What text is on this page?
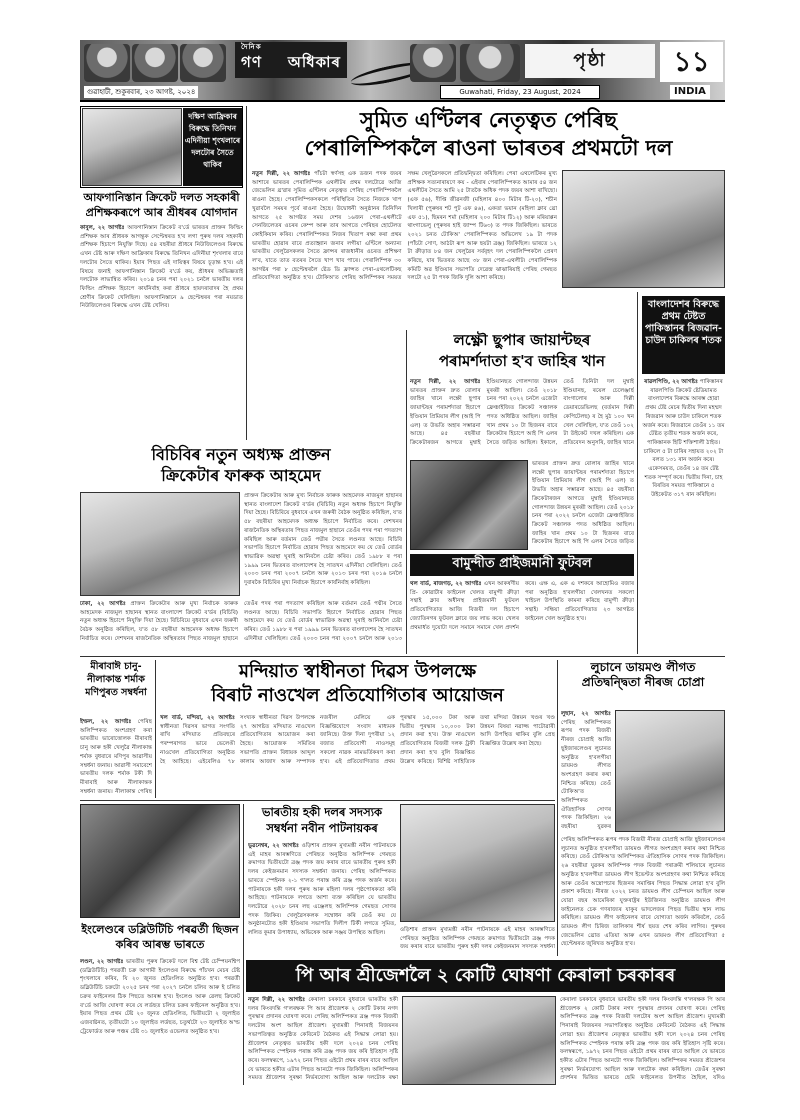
দৈনিক
গণ অধিকাৰ
গুৱাহাটী, শুকুৰবাৰ, ২৩ আগষ্ট, ২০২৪	Guwahati, Friday, 23 August, 2024
পৃষ্ঠা	১১
INDIA
দক্ষিণ আফ্ৰিকাৰ বিৰুদ্ধে তিনিখন এদিনীয়া শৃংখলাৰে দলটোৰ সৈতে থাকিব
আফগানিস্তান ক্ৰিকেট দলত সহকাৰী প্ৰশিক্ষকৰূপে আৰ শ্ৰীধৰৰ যোগদান
কাবুল, ২২ আগষ্টঃ আফগানিস্তান ক্ৰিকেট ব'ৰ্ডে ভাৰতৰ প্ৰাক্তন ফিল্ডিং প্ৰশিক্ষক আৰ শ্ৰীধৰক আগন্তুক সেপ্টেম্বৰত হ'ব লগা পুৰুষ দলৰ সহকাৰী প্ৰশিক্ষক হিচাপে নিযুক্তি দিছে। ৫৪ বছৰীয়া শ্ৰীধৰে নিউজিলেণ্ডৰ বিৰুদ্ধে এখন টেষ্ট আৰু দক্ষিণ আফ্ৰিকাৰ বিৰুদ্ধে তিনিখন এদিনীয়া শৃংখলাৰ বাবে দলটোৰ সৈতে থাকিব। ইয়াৰ পিছত এই দায়িত্বৰ বিষয়ে চূড়ান্ত হ'ব। এই বিষয়ে জনাই আফগানিস্তান ক্ৰিকেট ব'ৰ্ডে কয়, শ্ৰীধৰৰ অভিজ্ঞতাই দলটোক লাভান্বিত কৰিব। ২০১৪ চনৰ পৰা ২০২১ চনলৈ ভাৰতীয় দলৰ ফিল্ডিং প্ৰশিক্ষক হিচাপে কাৰ্যনিৰ্বাহ কৰা শ্ৰীধৰে হায়দৰাবাদৰ হৈ প্ৰথম শ্ৰেণীৰ ক্ৰিকেট খেলিছিল। আফগানিস্তানে ৯ ছেপ্টেম্বৰৰ পৰা নয়ডাত নিউজিলেণ্ডৰ বিৰুদ্ধে এখন টেষ্ট খেলিব।
সুমিত এণ্টিলৰ নেতৃত্বত পেৰিছ
পেৰালিম্পিকলৈ ৰাওনা ভাৰতৰ প্ৰথমটো দল
নতুন দিল্লী, ২২ আগষ্টঃ পাঁচটা স্বৰ্ণসহ এক ডজন পদক জয়ৰ আশাৰে ভাৰতৰ পেৰালিম্পিক এথলীটৰ প্ৰথম দলটোৱে আজি জেভেলিন থ্ৰ'ৱাৰ সুমিত এণ্টিলৰ নেতৃত্বত পেৰিছ পেৰালিম্পিকলৈ ৰাওনা হৈছে। পেৰালিম্পিকসকলে পৰিস্থিতিৰ সৈতে নিজকে খাপ খুৱাবলৈ সময়ৰ পূৰ্বে ৰাওনা হৈছে। উদ্বোধনী অনুষ্ঠানৰ তিনিদিন আগতে ২৫ আগষ্টত সময় দেশৰ ১৬জন পেৰা-এথলীটে সেনজিলেতৰ ওচৰৰ কেম্প আৰু তাৰ আগতে পেৰিছৰ হোটেলত কোইকিয়ান কৰিব। পেৰালিম্পিকত নিজৰ খিতাপ ৰক্ষা কৰা প্ৰথম ভাৰতীয় হোৱাৰ বাবে প্ৰত্যাহ্বান জনাব লগীয়া এণ্টিলে অন্যান্য ভাৰতীয় খেলুৱৈসকলৰ সৈতে ফ্ৰান্সৰ ৰাজধানীৰ ওচৰত প্ৰশিক্ষণ ল'ব, যাতে তাত বতৰৰ সৈতে খাপ খাব পাৰে। পেৰালিম্পিক ৩০ আগষ্টৰ পৰা ৮ ছেপ্টেম্বৰলৈ ষ্টেড ডি ফ্ৰান্সত পেৰা-এথলেটিকছ প্ৰতিযোগিতা অনুষ্ঠিত হ'ব। টোকিঅ'ত পেৰিছ অলিম্পিকৰ সময়ত সক্ষম খেলুৱৈসকলে প্ৰতিদ্বন্দ্বিতা কৰিছিল। পেৰা এথলেটিকৰ মুখ্য প্ৰশিক্ষক সত্যনাৰায়ণে কয় - এইবাৰ পেৰালিম্পিকত আমাৰ ৫৪ জন এথলীটৰ সৈতে আমি ২৫ টাতকৈ অধিক পদক জয়ৰ আশা ৰাখিছো। (এফ ৫৬), দীপ্তি জীৱনজী (মহিলাৰ ৪০০ মিটাৰ টি-২০), শচীন খিলাৰী (পুৰুষৰ শট পুট এফ ৪৬), একতা ভয়ান (মহিলা ক্লাব থ্ৰো এফ ৫১), ছিমৰন শৰ্মা (মহিলাৰ ২০০ মিটাৰ টি১২) আৰু মৰিয়াপ্পন থাংগাভেলু (পুৰুষৰ হাই জাম্প টি৬৩) ত পদক জিকিছিল। ভাৰতে ২০২১ চনত টোকিঅ' পেৰালিম্পিকত অভিলেখ ১৯ টা পদক (পাঁচটা সোণ, আঠটা ৰূপ আৰু ছয়টা ব্ৰঞ্জ) জিকিছিল। ভাৰতে ১২ টা ক্ৰীড়াত ৮৪ জন খেলুৱৈৰ সৰ্ববৃহৎ দল পেৰালিম্পিকলৈ প্ৰেৰণ কৰিছে, যাৰ ভিতৰত আছে ৩৮ জন পেৰা-এথলীট। পেৰালিম্পিক কমিটি অৱ ইণ্ডিয়াৰ সভাপতি দেৱেন্দ্ৰ ঝাঝাৰিয়াই পেৰিছ গেমছত দলটো ২৫ টা পদক জিকি দুলি আশা কৰিছে।
লক্ষ্ণৌ ছুপাৰ জায়ান্টছৰ
পৰামৰ্শদাতা হ'ব জাহিৰ খান
নতুন দিল্লী, ২২ আগষ্টঃ ভাৰতৰ প্ৰাক্তন দ্ৰুত বোলাৰ জাহিৰ খানে লক্ষ্ণৌ ছুপাৰ জায়ান্টছৰ পৰামৰ্শদাতা হিচাপে ইণ্ডিয়ান প্ৰিমিয়াৰ লীগ (আই পি এল) ত উভতি অহাৰ সম্ভাৱনা আছে। ৪৫ বছৰীয়া ক্ৰিকেটাৰজন আগতে মুম্বাই ইণ্ডিয়ানছত গোলন্দাজ উন্নয়ন মুৰব্বী আছিল। তেওঁ ২০১৮ চনৰ পৰা ২০২২ চনলৈ এজেটা ফ্ৰেঞ্চাইজিত ক্ৰিকেট সঞ্চালক পদত অধিষ্ঠিত আছিল। জাহিৰ খান প্ৰথম ১০ টা ছিজনৰ বাবে ক্ৰিকেটাৰ হিচাপে আই পি এলৰ সৈতে জড়িত আছিল। ইকালে, তেওঁ তিনিটা দল মুম্বাই ইণ্ডিয়ানছ, ৰয়েল চেলেঞ্জাৰ্ছ বাংগালোৰ আৰু দিল্লী ডেয়াৰডেভিলছ (বৰ্তমান দিল্লী কেপিটেলছ) ৰ হৈ মুঠ ১০০ খন খেল খেলিছিল, য'ত তেওঁ ১০২ টা উইকেট দখল কৰিছিল। এক প্ৰতিবেদন অনুসৰি, জাহিৰ খানে
ভাৰতৰ প্ৰাক্তন দ্ৰুত বোলাৰ জাহিৰ খানে লক্ষ্ণৌ ছুপাৰ জায়ান্টছৰ পৰামৰ্শদাতা হিচাপে ইণ্ডিয়ান প্ৰিমিয়াৰ লীগ (আই পি এল) ত উভতি অহাৰ সম্ভাৱনা আছে। ৪৫ বছৰীয়া ক্ৰিকেটাৰজন আগতে মুম্বাই ইণ্ডিয়ানছত গোলন্দাজ উন্নয়ন মুৰব্বী আছিল। তেওঁ ২০১৮ চনৰ পৰা ২০২২ চনলৈ এজেটা ফ্ৰেঞ্চাইজিত ক্ৰিকেট সঞ্চালক পদত অধিষ্ঠিত আছিল। জাহিৰ খান প্ৰথম ১০ টা ছিজনৰ বাবে ক্ৰিকেটাৰ হিচাপে আই পি এলৰ সৈতে জড়িত
বাংলাদেশৰ বিৰুদ্ধে প্ৰথম টেষ্টত পাকিস্তানৰ ৰিজৱান-চাউদ চাকিলৰ শতক
ৰাৱলপিণ্ডি, ২২ আগষ্টঃ পাকিস্তানৰ ৰাৱলপিণ্ডি ক্ৰিকেট ষ্টেডিয়ামত বাংলাদেশৰ বিৰুদ্ধে আৰম্ভ হোৱা প্ৰথম টেষ্ট মেচৰ দ্বিতীয় দিনা মহম্মদ ৰিজৱান আৰু চাউদ চাকিলে শতক অৰ্জন কৰে। ৰিজৱানে তেওঁৰ ১১ তম টেষ্টত তৃতীয় শতক অৰ্জন কৰে, পাকিস্তানক হিটি শক্তিশালী ঠাইত। চাকিলে ৫ টা চাৰিৰ সহায়ত ২০২ টা বলত ১৩১ ৰান অৰ্জন কৰে। একেসময়ত, তেওঁৰ ১৪ তম টেষ্ট শতক সম্পূৰ্ণ কৰে। দ্বিতীয় দিনা, চাহ বিৰতিৰ সময়ত পাকিস্তানে ৫ উইকেটত ৩১৭ ৰান কৰিছিল।
বিচিবিৰ নতুন অধ্যক্ষ প্ৰাক্তন
ক্ৰিকেটাৰ ফাৰুক আহমেদ
প্ৰাক্তন ক্ৰিকেটাৰ আৰু মুখ্য নিৰ্বাচক ফাৰুক আহমেদক নাজমুল হাছানৰ স্থানত বাংলাদেশ ক্ৰিকেট ব'ৰ্ডৰ (বিচিবি) নতুন অধ্যক্ষ হিচাপে নিযুক্তি দিয়া হৈছে। বিচিবিয়ে বুধবাৰে এখন জৰুৰী বৈঠক অনুষ্ঠিত কৰিছিল, য'ত ৫৮ বছৰীয়া আহমেদক অধ্যক্ষ হিচাপে নিৰ্বাচিত কৰে। দেশখনৰ ৰাজনৈতিক অস্থিৰতাৰ পিছত নাজমুল হাছানে তেওঁৰ পদৰ পৰা পদত্যাগ কৰিছিল আৰু বৰ্তমান তেওঁ পদ্মীৰ সৈতে লণ্ডনত আছে। বিচিবি সভাপতি হিচাপে নিৰ্বাচিত হোৱাৰ পিছত আহমেদে কয় যে তেওঁ বোৰ্ডৰ স্বাভাৱিক অৱস্থা ঘূৰাই আনিবলৈ চেষ্টা কৰিব। তেওঁ ১৯৮৮ ৰ পৰা ১৯৯৯ চনৰ ভিতৰত বাংলাদেশৰ হৈ সাতখন এদিনীয়া খেলিছিল। তেওঁ ২০০৩ চনৰ পৰা ২০০৭ চনলৈ আৰু ২০১৩ চনৰ পৰা ২০১৬ চনলৈ দুবাৰকৈ বিচিবিৰ মুখ্য নিৰ্বাচক হিচাপে কাৰ্যনিৰ্বাহ কৰিছিল।
ঢাকা, ২২ আগষ্টঃ প্ৰাক্তন ক্ৰিকেটাৰ আৰু মুখ্য নিৰ্বাচক ফাৰুক আহমেদক নাজমুল হাছানৰ স্থানত বাংলাদেশ ক্ৰিকেট ব'ৰ্ডৰ (বিচিবি) নতুন অধ্যক্ষ হিচাপে নিযুক্তি দিয়া হৈছে। বিচিবিয়ে বুধবাৰে এখন জৰুৰী বৈঠক অনুষ্ঠিত কৰিছিল, য'ত ৫৮ বছৰীয়া আহমেদক অধ্যক্ষ হিচাপে নিৰ্বাচিত কৰে। দেশখনৰ ৰাজনৈতিক অস্থিৰতাৰ পিছত নাজমুল হাছানে তেওঁৰ পদৰ পৰা পদত্যাগ কৰিছিল আৰু বৰ্তমান তেওঁ পদ্মীৰ সৈতে লণ্ডনত আছে। বিচিবি সভাপতি হিচাপে নিৰ্বাচিত হোৱাৰ পিছত আহমেদে কয় যে তেওঁ বোৰ্ডৰ স্বাভাৱিক অৱস্থা ঘূৰাই আনিবলৈ চেষ্টা কৰিব। তেওঁ ১৯৮৮ ৰ পৰা ১৯৯৯ চনৰ ভিতৰত বাংলাদেশৰ হৈ সাতখন এদিনীয়া খেলিছিল। তেওঁ ২০০৩ চনৰ পৰা ২০০৭ চনলৈ আৰু ২০১৩
বামুন্দীত প্ৰাইজমানী ফুটবল
থল বাৰ্ড, ৰাজগড়, ২২ আগষ্টঃ এখন আকৰ্ষণীয় প্ৰি- কোৱাৰ্টাৰ ফাইনেল খেলত বামুন্দী ক্ৰীড়া সন্থাই ক্লাব অধীনস্থ প্ৰাইজমানী ফুটবল প্ৰতিযোগিতাত আজি বিজয়ী দল হিচাপে জ্যোতিনগৰ ফুটবল ক্লাবে জয় লাভ কৰে। খেলৰ প্ৰথমাৰ্ধত দুয়োটা দলে সমানে সমানে খেল প্ৰদৰ্শন কৰে। এক্ষ এ, এক এ দশকৰে আহোমিও বজাৰ পৰা অনুষ্ঠিত হ'বলগীয়া খেলখনত সকলো খাইচল উপস্থিতি কামনা কৰিছে বামুন্দী ক্ৰীড়া সন্থাই। সন্ধিয়া প্ৰতিযোগিতাত ২৩ আগষ্টত ফাইনেল খেল অনুষ্ঠিত হ'ব।
মীৰাবাঈ চানু-নীলাকান্ত শৰ্মাক মণিপুৰত সম্বৰ্ধনা
ইম্ফল, ২২ আগষ্টঃ পেৰিছ অলিম্পিকত অংশগ্ৰহণ কৰা ভাৰতীয় ভাৰোত্তোলক মীৰাবাই চানু আৰু হকী খেলুৱৈ নীলাকান্ত শৰ্মাক বুধবাৰে মণিপুৰ আৱাসীয় সম্বৰ্ধনা জনায়। আৱাসী সমাবেশে ভাৰতীয় দলক শৰ্মাক টকী দি মীৰাবাই আৰু নীলাকান্তক সম্বৰ্ধনা জনায়। নীলাকান্ত পেৰিছ
মন্দিয়াত স্বাধীনতা দিৱস উপলক্ষে
বিৰাট নাওখেল প্ৰতিযোগিতাৰ আয়োজন
খল বাৰ্ড, মন্দিয়া, ২২ আগষ্টঃ স্বাধীনতা দিৱসৰ ভাগত সংগতি ৰাখি মন্দিয়াত প্ৰতিবছৰে পৰম্পৰাগত ভাবে ভেলেঙী নাওখেল প্ৰতিযোগিতা অনুষ্ঠিত হৈ আহিছে। এইবেলিও ৭৮ সংখ্যক স্বাধীনতা দিৱস উপলক্ষে ২৭ আগষ্টত মন্দিয়াত নাওখেল প্ৰতিযোগিতাৰ আয়োজন কৰা হৈছে। আয়োজক সমিতিৰ সভাপতি প্ৰাক্তন বিধায়ক আব্দুল কালাম আজাদ আৰু সম্পাদক নজৰীল মেলিয়ে এক বিজ্ঞপ্তিযোগে সংবাদ মাধ্যমক জানিছে। উক্ত দিনা দুপৰীয়া ১২ বজাত প্ৰতিযোগী নাওসমূহ সকলো নাৱক নামভৰ্তিকৰণ কৰা হ'ব। এই প্ৰতিযোগিতাত প্ৰথম পুৰস্কাৰ ১৫,০০০ টকা আৰু দ্বিতীয় পুৰস্কাৰ ১০,০০০ টকা প্ৰদান কৰা হ'ব। উক্ত নাওখেল প্ৰতিযোগিতাৰ বিজয়ী দলক ট্ৰফী প্ৰদান কৰা হ'ব বুলি বিজ্ঞপ্তিত উল্লেখ কৰিছে। বিশিষ্ট সাহিত্যিক তথা মন্দিয়া উন্নয়ন খণ্ডৰ খণ্ড উন্নয়ন বিষয়া নৱাজ্জ পাটোৱাৰী আদি উপস্থিত থাকিব বুলি প্ৰেছ বিজ্ঞপ্তিত উল্লেখ কৰা হৈছে।
লুচানে ডায়মণ্ড লীগত প্ৰতিদ্বন্দ্বিতা নীৰজ চোপ্ৰা
লুছান, ২২ আগষ্টঃ পেৰিছ অলিম্পিকত ৰূপৰ পদক বিজয়ী নীৰজ চোপ্ৰাই আজি ছুইজাৰলেণ্ডৰ লুচানত অনুষ্ঠিত হ'বলগীয়া ডায়মণ্ড লীগত অংশগ্ৰহণ কৰাৰ কথা নিশ্চিত কৰিছে। তেওঁ টোকিঅ'ত অলিম্পিকত ঐতিহাসিক সোণৰ পদক জিকিছিল। ২৬ বছৰীয়া যুৱকৰ
পেৰিছ অলিম্পিকত ৰূপৰ পদক বিজয়ী নীৰজ চোপ্ৰাই আজি ছুইজাৰলেণ্ডৰ লুচানত অনুষ্ঠিত হ'বলগীয়া ডায়মণ্ড লীগত অংশগ্ৰহণ কৰাৰ কথা নিশ্চিত কৰিছে। তেওঁ টোকিঅ'ত অলিম্পিকত ঐতিহাসিক সোণৰ পদক জিকিছিল। ২৬ বছৰীয়া যুৱকৰ অলিম্পিক পদক বিজয়ী পৰাক্ৰমী শলিয়াৰে লুচানত অনুষ্ঠিত হ'বলগীয়া ডায়মণ্ড লীগ ইভেণ্টত অংশগ্ৰহণৰ কথা নিশ্চিত কৰিছে আৰু তেওঁৰ অস্ত্ৰোপচাৰ ছিজনৰ সমাপ্তিৰ পিছত সিদ্ধান্ত লোৱা হ'ব বুলি প্ৰকাশ কৰিছে। নীৰজ ২০২২ চনত ডায়মণ্ড লীগ চেম্পিয়ন আছিল আৰু যোৱা বছৰ আমেৰিকা যুক্তৰাষ্ট্ৰৰ ইউজিনত অনুষ্ঠিত ডায়মণ্ড লীগ ফাইনেলত চেক গণৰাজ্যৰ যাকুব ভাদলেজৰ পিছত দ্বিতীয় স্থান লাভ কৰিছিল। ডায়মণ্ড লীগ ফাইনেলৰ বাবে যোগ্যতা অৰ্জন কৰিবলৈ, তেওঁ ডায়মণ্ড লীগ চিৰিজ তালিকাৰ শীৰ্ষ ছয়ত শেষ কৰিব লাগিব। পুৰুষৰ জেভেলিন থ্ৰোত এতিয়া আৰু এখন ডায়মণ্ড লীগ প্ৰতিযোগিতা ৫ ছেপ্টেম্বৰত জুৰিখত অনুষ্ঠিত হ'ব।
ইংলেণ্ডৰে ডব্লিউটিচি পৰৱৰ্তী ছিজন কৰিব আৰম্ভ ভাৰতে
লণ্ডন, ২২ আগষ্টঃ ভাৰতীয় পুৰুষ ক্ৰিকেট দলে বিশ্ব টেষ্ট চেম্পিয়নশ্বিপ (ডব্লিউটিচি) পৰৱৰ্তী চক্ৰ আগামী ইংলেণ্ডৰ বিৰুদ্ধে পাঁচখন মেচৰ টেষ্ট শৃংখলাৰে কৰিব, যি ২০ জুনত হেডিংলিত অনুষ্ঠিত হ'ব। পৰৱৰ্তী ডব্লিউটিচি চক্ৰটো ২০২৫ চনৰ পৰা ২০২৭ চনলৈ চলিব আৰু ই চলিত চক্ৰৰ ফাইনেলৰ ঠিক পিছতে আৰম্ভ হ'ব। ইংলেণ্ড আৰু ৱেলছ ক্ৰিকেট ব'ৰ্ডে আজি ঘোষণা কৰে যে লৰ্ডছত চলিত চক্ৰৰ ফাইনেল অনুষ্ঠিত হ'ব। ইয়াৰ পিছত প্ৰথম টেষ্ট ২০ জুনত হেডিংলিত, দ্বিতীয়টো ২ জুলাইত এজবাষ্টনত, তৃতীয়টো ১০ জুলাইত লৰ্ডছত, চতুৰ্থটো ২৩ জুলাইত অ'ল্ড ট্ৰেফোৰ্ডত আৰু পঞ্চম টেষ্ট ৩১ জুলাইত ওভেলত অনুষ্ঠিত হ'ব।
ভাৰতীয় হকী দলৰ সদস্যক সম্বৰ্ধনা নবীন পাটনায়কৰ
ভুৱনেশ্বৰ, ২২ আগষ্টঃ ওড়িশাৰ প্ৰাক্তন মুখ্যমন্ত্ৰী নবীন পাটনায়কে এই মাহৰ আৰম্ভণিতে পেৰিছত অনুষ্ঠিত অলিম্পিক গেমছত ক্ৰমাগত দ্বিতীয়টো ব্ৰঞ্জ পদক জয় কৰাৰ বাবে ভাৰতীয় পুৰুষ হকী দলৰ কেইজনমান সদস্যক সম্বৰ্ধনা জনায়। পেৰিছ অলিম্পিকত ভাৰতে স্পেইনক ২-১ গ'লত পৰাস্ত কৰি ব্ৰঞ্জ পদক অৰ্জন কৰে। পাটনায়কে হকী দলৰ পুৰুষ আৰু মহিলা দলৰ পৃষ্ঠপোষকতা কৰি আহিছে। পাটনায়কে লগতে আশা ব্যক্ত কৰিছিল যে ভাৰতীয় দলটোৱে ২০২৮ চনৰ লছ এঞ্জেলছ অলিম্পিক গেমছত সোণৰ পদক জিকিব। খেলুৱৈসকলক সম্বোধন কৰি তেওঁ কয় যে অনুষ্ঠানটোত হকী ইণ্ডিয়াৰ সভাপতি দিলীপ টিৰ্কী লগতে সুমিত, ললিত কুমাৰ উপাধ্যায়, অভিষেক আৰু সঞ্জয় উপস্থিত আছিল।
ওড়িশাৰ প্ৰাক্তন মুখ্যমন্ত্ৰী নবীন পাটনায়কে এই মাহৰ আৰম্ভণিতে পেৰিছত অনুষ্ঠিত অলিম্পিক গেমছত ক্ৰমাগত দ্বিতীয়টো ব্ৰঞ্জ পদক জয় কৰাৰ বাবে ভাৰতীয় পুৰুষ হকী দলৰ কেইজনমান সদস্যক সম্বৰ্ধনা
পি আৰ শ্ৰীজেশলৈ ২ কোটি ঘোষণা কেৰালা চৰকাৰৰ
নতুন দিল্লী, ২২ আগষ্টঃ কেৰালা চৰকাৰে বুধবাৰে ভাৰতীয় হকী দলৰ কিংবদন্তি গ'লৰক্ষক পি আৰ শ্ৰীজেশক ২ কোটি টকাৰ নগদ পুৰস্কাৰ প্ৰদানৰ ঘোষণা কৰে। পেৰিছ অলিম্পিকত ব্ৰঞ্জ পদক বিজয়ী দলটোৰ অংশ আছিল শ্ৰীজেশ। মুখ্যমন্ত্ৰী পিনাৰাই বিজয়নৰ সভাপতিত্বত অনুষ্ঠিত কেবিনেট বৈঠকত এই সিদ্ধান্ত লোৱা হয়। শ্ৰীজেশৰ নেতৃত্বত ভাৰতীয় হকী দলে ২০২৪ চনৰ পেৰিছ অলিম্পিকত স্পেইনক পৰাস্ত কৰি ব্ৰঞ্জ পদক জয় কৰি ইতিহাস সৃষ্টি কৰে। ফলস্বৰূপে, ১৯৭২ চনৰ পিছত এইটো প্ৰথম বাৰৰ বাবে আছিল যে ভাৰতে হকীত এটাৰ পিছত আনটো পদক জিকিছিল। অলিম্পিকৰ সময়ত শ্ৰীজেশৰ সুৰক্ষা নিৰ্ভৰযোগ্য আছিল আৰু দলটোক ৰক্ষা
কেৰালা চৰকাৰে বুধবাৰে ভাৰতীয় হকী দলৰ কিংবদন্তি গ'লৰক্ষক পি আৰ শ্ৰীজেশক ২ কোটি টকাৰ নগদ পুৰস্কাৰ প্ৰদানৰ ঘোষণা কৰে। পেৰিছ অলিম্পিকত ব্ৰঞ্জ পদক বিজয়ী দলটোৰ অংশ আছিল শ্ৰীজেশ। মুখ্যমন্ত্ৰী পিনাৰাই বিজয়নৰ সভাপতিত্বত অনুষ্ঠিত কেবিনেট বৈঠকত এই সিদ্ধান্ত লোৱা হয়। শ্ৰীজেশৰ নেতৃত্বত ভাৰতীয় হকী দলে ২০২৪ চনৰ পেৰিছ অলিম্পিকত স্পেইনক পৰাস্ত কৰি ব্ৰঞ্জ পদক জয় কৰি ইতিহাস সৃষ্টি কৰে। ফলস্বৰূপে, ১৯৭২ চনৰ পিছত এইটো প্ৰথম বাৰৰ বাবে আছিল যে ভাৰতে হকীত এটাৰ পিছত আনটো পদক জিকিছিল। অলিম্পিকৰ সময়ত শ্ৰীজেশৰ সুৰক্ষা নিৰ্ভৰযোগ্য আছিল আৰু দলটোক ৰক্ষা কৰিছিল। তেওঁৰ সুৰক্ষা প্ৰদৰ্শনৰ ভিত্তিত ভাৰতে ছেমি ফাইনেলত উপনীত হৈছিল, যদিও
